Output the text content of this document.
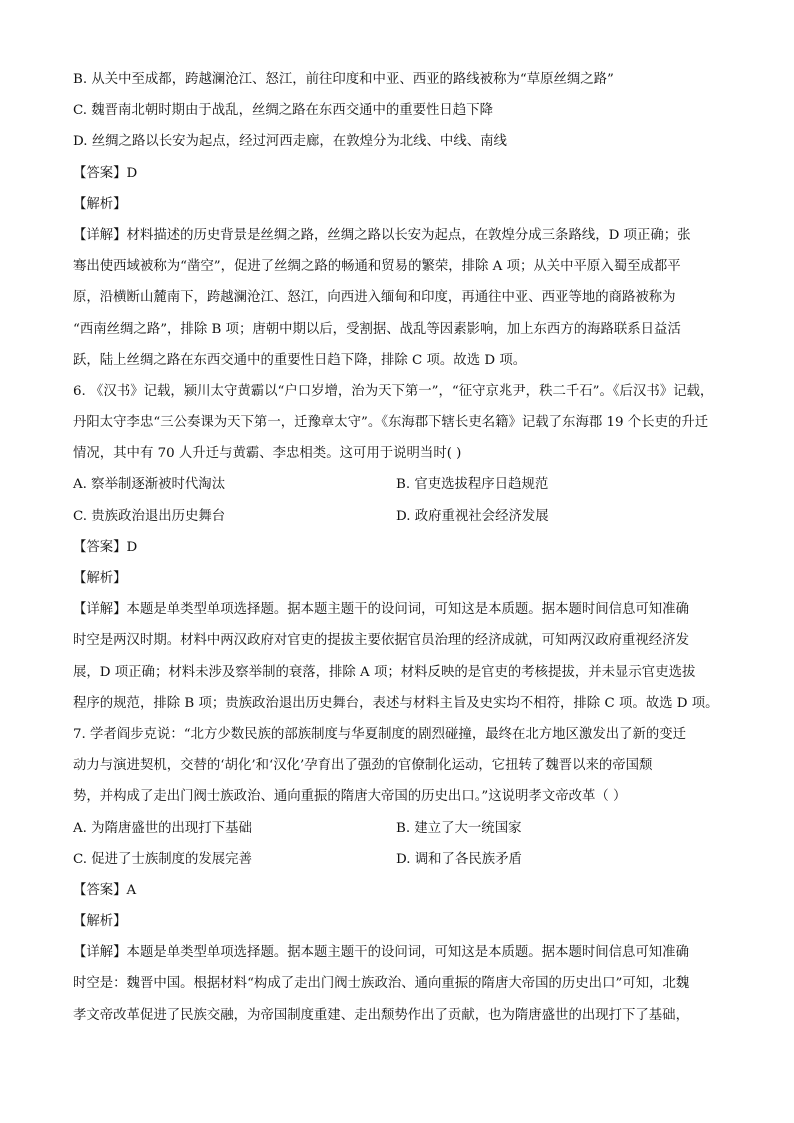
B. 从关中至成都，跨越澜沧江、怒江，前往印度和中亚、西亚的路线被称为“草原丝绸之路”
C. 魏晋南北朝时期由于战乱，丝绸之路在东西交通中的重要性日趋下降
D. 丝绸之路以长安为起点，经过河西走廊，在敦煌分为北线、中线、南线
【答案】D
【解析】
【详解】材料描述的历史背景是丝绸之路，丝绸之路以长安为起点，在敦煌分成三条路线，D 项正确；张
骞出使西域被称为“凿空”，促进了丝绸之路的畅通和贸易的繁荣，排除 A 项；从关中平原入蜀至成都平
原，沿横断山麓南下，跨越澜沧江、怒江，向西进入缅甸和印度，再通往中亚、西亚等地的商路被称为
“西南丝绸之路”，排除 B 项；唐朝中期以后，受割据、战乱等因素影响，加上东西方的海路联系日益活
跃，陆上丝绸之路在东西交通中的重要性日趋下降，排除 C 项。故选 D 项。
6. 《汉书》记载，颍川太守黄霸以“户口岁增，治为天下第一”，“征守京兆尹，秩二千石”。《后汉书》记载，
丹阳太守李忠“三公奏课为天下第一，迁豫章太守”。《东海郡下辖长吏名籍》记载了东海郡 19 个长吏的升迁
情况，其中有 70 人升迁与黄霸、李忠相类。这可用于说明当时( )
A. 察举制逐渐被时代淘汰	B. 官吏选拔程序日趋规范
C. 贵族政治退出历史舞台	D. 政府重视社会经济发展
【答案】D
【解析】
【详解】本题是单类型单项选择题。据本题主题干的设问词，可知这是本质题。据本题时间信息可知准确
时空是两汉时期。材料中两汉政府对官吏的提拔主要依据官员治理的经济成就，可知两汉政府重视经济发
展，D 项正确；材料未涉及察举制的衰落，排除 A 项；材料反映的是官吏的考核提拔，并未显示官吏选拔
程序的规范，排除 B 项；贵族政治退出历史舞台，表述与材料主旨及史实均不相符，排除 C 项。故选 D 项。
7. 学者阎步克说：“北方少数民族的部族制度与华夏制度的剧烈碰撞，最终在北方地区激发出了新的变迁
动力与演进契机，交替的‘胡化’和‘汉化’孕育出了强劲的官僚制化运动，它扭转了魏晋以来的帝国颓
势，并构成了走出门阀士族政治、通向重振的隋唐大帝国的历史出口。”这说明孝文帝改革（ ）
A. 为隋唐盛世的出现打下基础	B. 建立了大一统国家
C. 促进了士族制度的发展完善	D. 调和了各民族矛盾
【答案】A
【解析】
【详解】本题是单类型单项选择题。据本题主题干的设问词，可知这是本质题。据本题时间信息可知准确
时空是：魏晋中国。根据材料“构成了走出门阀士族政治、通向重振的隋唐大帝国的历史出口”可知，北魏
孝文帝改革促进了民族交融，为帝国制度重建、走出颓势作出了贡献，也为隋唐盛世的出现打下了基础，
